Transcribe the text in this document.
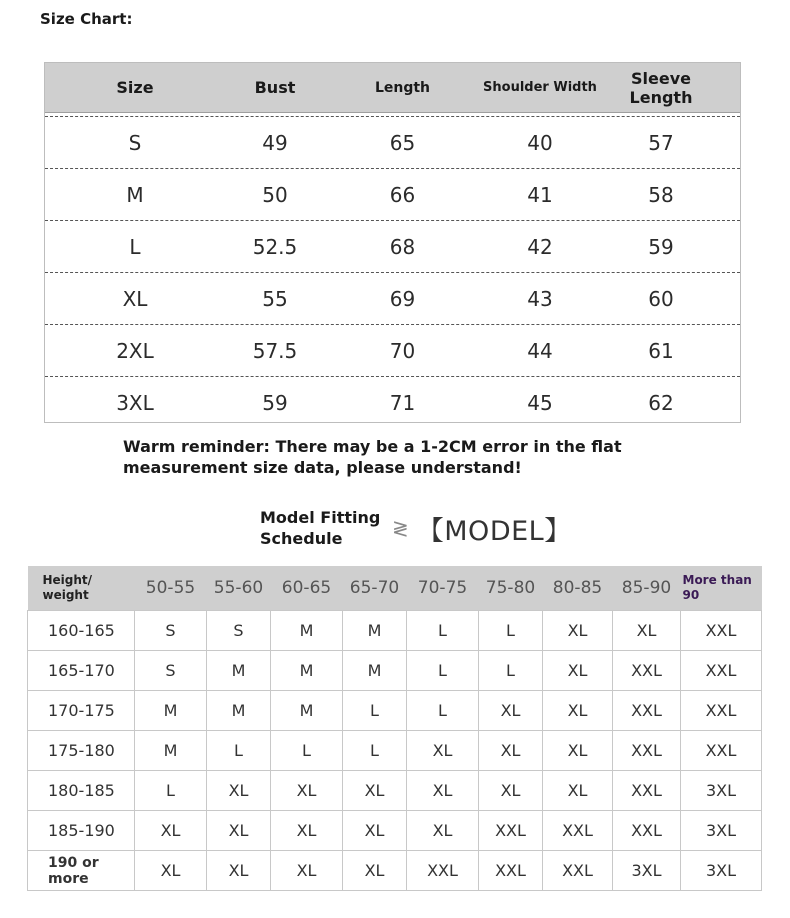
Size Chart:
Size	Bust	Length	Shoulder Width	Sleeve Length
S	49	65	40	57
M	50	66	41	58
L	52.5	68	42	59
XL	55	69	43	60
2XL	57.5	70	44	61
3XL	59	71	45	62
Warm reminder: There may be a 1-2CM error in the flat measurement size data, please understand!
Model Fitting Schedule	≷ 【MODEL】
Height/ weight	50-55	55-60	60-65	65-70	70-75	75-80	80-85	85-90	More than 90
160-165	S	S	M	M	L	L	XL	XL	XXL
165-170	S	M	M	M	L	L	XL	XXL	XXL
170-175	M	M	M	L	L	XL	XL	XXL	XXL
175-180	M	L	L	L	XL	XL	XL	XXL	XXL
180-185	L	XL	XL	XL	XL	XL	XL	XXL	3XL
185-190	XL	XL	XL	XL	XL	XXL	XXL	XXL	3XL
190 or more	XL	XL	XL	XL	XXL	XXL	XXL	3XL	3XL
